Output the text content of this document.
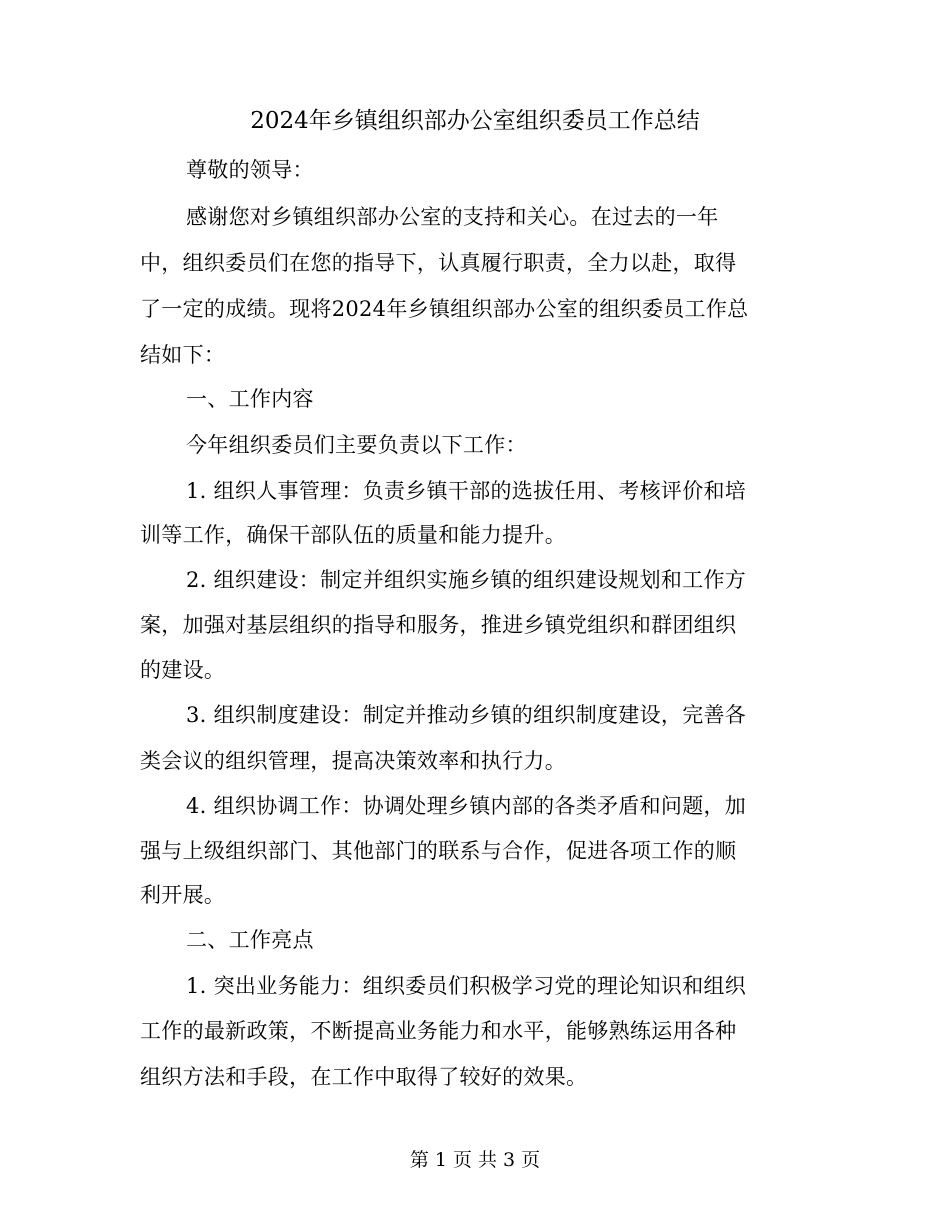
2024年乡镇组织部办公室组织委员工作总结
尊敬的领导：
感谢您对乡镇组织部办公室的支持和关心。在过去的一年
中，组织委员们在您的指导下，认真履行职责，全力以赴，取得
了一定的成绩。现将2024年乡镇组织部办公室的组织委员工作总
结如下：
一、工作内容
今年组织委员们主要负责以下工作：
1. 组织人事管理：负责乡镇干部的选拔任用、考核评价和培
训等工作，确保干部队伍的质量和能力提升。
2. 组织建设：制定并组织实施乡镇的组织建设规划和工作方
案，加强对基层组织的指导和服务，推进乡镇党组织和群团组织
的建设。
3. 组织制度建设：制定并推动乡镇的组织制度建设，完善各
类会议的组织管理，提高决策效率和执行力。
4. 组织协调工作：协调处理乡镇内部的各类矛盾和问题，加
强与上级组织部门、其他部门的联系与合作，促进各项工作的顺
利开展。
二、工作亮点
1. 突出业务能力：组织委员们积极学习党的理论知识和组织
工作的最新政策，不断提高业务能力和水平，能够熟练运用各种
组织方法和手段，在工作中取得了较好的效果。
第 1 页 共 3 页
